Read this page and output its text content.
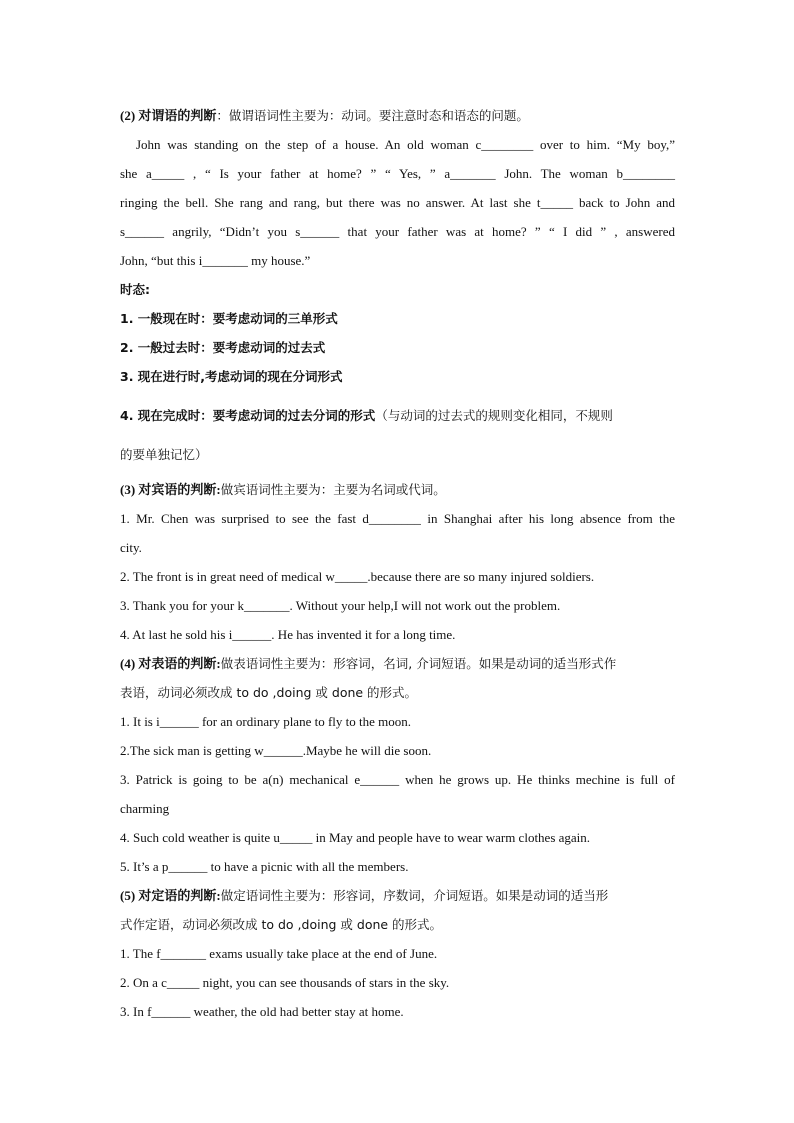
(2) 对谓语的判断：做谓语词性主要为：动词。要注意时态和语态的问题。
John was standing on the step of a house. An old woman c________ over to him. “My boy,”
she a_____ , “ Is your father at home? ” “ Yes, ” a_______ John. The woman b________
ringing the bell. She rang and rang, but there was no answer. At last she t_____ back to John and
s______ angrily, “Didn’t you s______ that your father was at home? ” “ I did ” , answered
John, “but this i_______ my house.”
时态:
1. 一般现在时：要考虑动词的三单形式
2. 一般过去时：要考虑动词的过去式
3. 现在进行时,考虑动词的现在分词形式
4. 现在完成时：要考虑动词的过去分词的形式（与动词的过去式的规则变化相同，不规则
的要单独记忆）
(3) 对宾语的判断:做宾语词性主要为：主要为名词或代词。
1. Mr. Chen was surprised to see the fast d________ in Shanghai after his long absence from the
city.
2. The front is in great need of medical w_____.because there are so many injured soldiers.
3. Thank you for your k_______. Without your help,I will not work out the problem.
4. At last he sold his i______. He has invented it for a long time.
(4) 对表语的判断:做表语词性主要为：形容词，名词, 介词短语。如果是动词的适当形式作
表语，动词必须改成 to do ,doing 或 done 的形式。
1. It is i______ for an ordinary plane to fly to the moon.
2.The sick man is getting w______.Maybe he will die soon.
3. Patrick is going to be a(n) mechanical e______ when he grows up. He thinks mechine is full of
charming
4. Such cold weather is quite u_____ in May and people have to wear warm clothes again.
5. It’s a p______ to have a picnic with all the members.
(5) 对定语的判断:做定语词性主要为：形容词，序数词，介词短语。如果是动词的适当形
式作定语，动词必须改成 to do ,doing 或 done 的形式。
1. The f_______ exams usually take place at the end of June.
2. On a c_____ night, you can see thousands of stars in the sky.
3. In f______ weather, the old had better stay at home.
